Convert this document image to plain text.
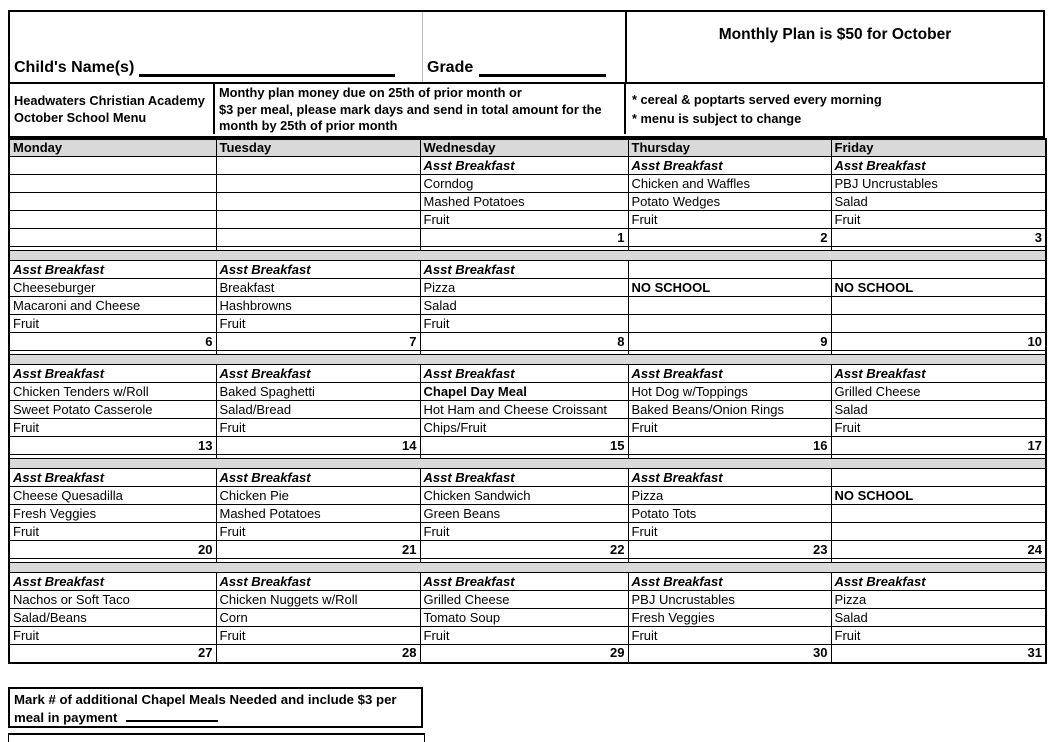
Child's Name(s)	Grade
Monthly Plan is $50 for October
Headwaters Christian Academy
October School Menu
Monthy plan money due on 25th of prior month or
$3 per meal, please mark days and send in total amount for the
month by 25th of prior month
* cereal & poptarts served every morning
* menu is subject to change
Monday	Tuesday	Wednesday	Thursday	Friday
		Asst Breakfast	Asst Breakfast	Asst Breakfast
		Corndog	Chicken and Waffles	PBJ Uncrustables
		Mashed Potatoes	Potato Wedges	Salad
		Fruit	Fruit	Fruit
		1	2	3

Asst Breakfast	Asst Breakfast	Asst Breakfast		
Cheeseburger	Breakfast	Pizza	NO SCHOOL	NO SCHOOL
Macaroni and Cheese	Hashbrowns	Salad		
Fruit	Fruit	Fruit		
6	7	8	9	10

Asst Breakfast	Asst Breakfast	Asst Breakfast	Asst Breakfast	Asst Breakfast
Chicken Tenders w/Roll	Baked Spaghetti	Chapel Day Meal	Hot Dog w/Toppings	Grilled Cheese
Sweet Potato Casserole	Salad/Bread	Hot Ham and Cheese Croissant	Baked Beans/Onion Rings	Salad
Fruit	Fruit	Chips/Fruit	Fruit	Fruit
13	14	15	16	17

Asst Breakfast	Asst Breakfast	Asst Breakfast	Asst Breakfast	
Cheese Quesadilla	Chicken Pie	Chicken Sandwich	Pizza	NO SCHOOL
Fresh Veggies	Mashed Potatoes	Green Beans	Potato Tots	
Fruit	Fruit	Fruit	Fruit	
20	21	22	23	24

Asst Breakfast	Asst Breakfast	Asst Breakfast	Asst Breakfast	Asst Breakfast
Nachos or Soft Taco	Chicken Nuggets w/Roll	Grilled Cheese	PBJ Uncrustables	Pizza
Salad/Beans	Corn	Tomato Soup	Fresh Veggies	Salad
Fruit	Fruit	Fruit	Fruit	Fruit
27	28	29	30	31
Mark # of additional Chapel Meals Needed and include $3 per
meal in payment
